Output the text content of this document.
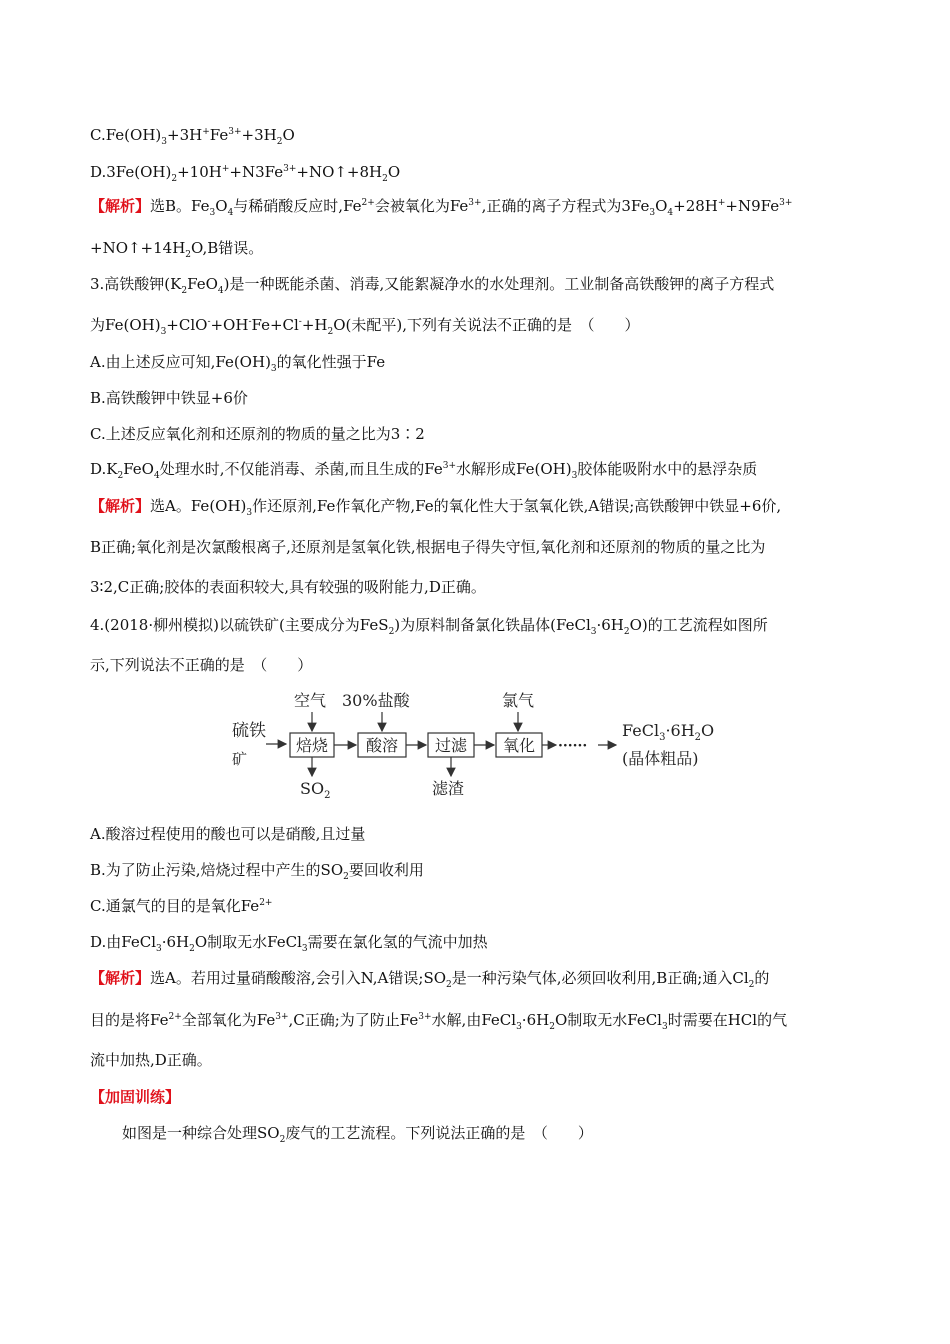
$C.Fe(OH)_3+3H^+Fe^{3+}+3H_2O$
$D.3Fe(OH)_2+10H^++N3Fe^{3+}+NO↑+8H_2O$
【解析】选B。$Fe_3O_4$与稀硝酸反应时$,Fe^{2+}$会被氧化为$Fe^{3+}$,正确的离子方程式为$3Fe_3O_4+28H^++N9Fe^{3+}$
$+NO↑+14H_2O,B$错误。
3.高铁酸钾$(K_2FeO_4)$是一种既能杀菌、消毒,又能絮凝净水的水处理剂。工业制备高铁酸钾的离子方程式
为$Fe(OH)_3+ClO^-+OH^-Fe+Cl^-+H_2O$(未配平),下列有关说法不正确的是　（　　）
A.由上述反应可知$,Fe(OH)_3$的氧化性强于Fe
B.高铁酸钾中铁显+6价
C.上述反应氧化剂和还原剂的物质的量之比为3∶2
$D.K_2FeO_4$处理水时,不仅能消毒、杀菌,而且生成的$Fe^{3+}$水解形成$Fe(OH)_3$胶体能吸附水中的悬浮杂质
【解析】选A。$Fe(OH)_3$作还原剂,Fe作氧化产物,Fe的氧化性大于氢氧化铁,A错误;高铁酸钾中铁显+6价,
B正确;氧化剂是次氯酸根离子,还原剂是氢氧化铁,根据电子得失守恒,氧化剂和还原剂的物质的量之比为
3∶2,C正确;胶体的表面积较大,具有较强的吸附能力,D正确。
4.(2018·柳州模拟)以硫铁矿(主要成分为FeS$_2$)为原料制备氯化铁晶体$(FeCl_3\cdot 6H_2O)$的工艺流程如图所
示,下列说法不正确的是　（　　）
硫铁
矿
空气 30%盐酸	氯气
焙烧 酸溶 过滤 氧化 ······
$SO_2$	滤渣
$FeCl_3\cdot 6H_2O$
(晶体粗品)
A.酸溶过程使用的酸也可以是硝酸,且过量
B.为了防止污染,焙烧过程中产生的$SO_2$要回收利用
C.通氯气的目的是氧化$Fe^{2+}$
D.由$FeCl_3\cdot 6H_2O$制取无水FeCl$_3$需要在氯化氢的气流中加热
【解析】选A。若用过量硝酸酸溶,会引入N,A错误$;SO_2$是一种污染气体,必须回收利用,B正确;通入$Cl_2$的
目的是将$Fe^{2+}$全部氧化为$Fe^{3+},C$正确;为了防止$Fe^{3+}$水解,由$FeCl_3\cdot 6H_2O$制取无水FeCl$_3$时需要在HCl的气
流中加热,D正确。
【加固训练】
如图是一种综合处理$SO_2$废气的工艺流程。下列说法正确的是　（　　）
